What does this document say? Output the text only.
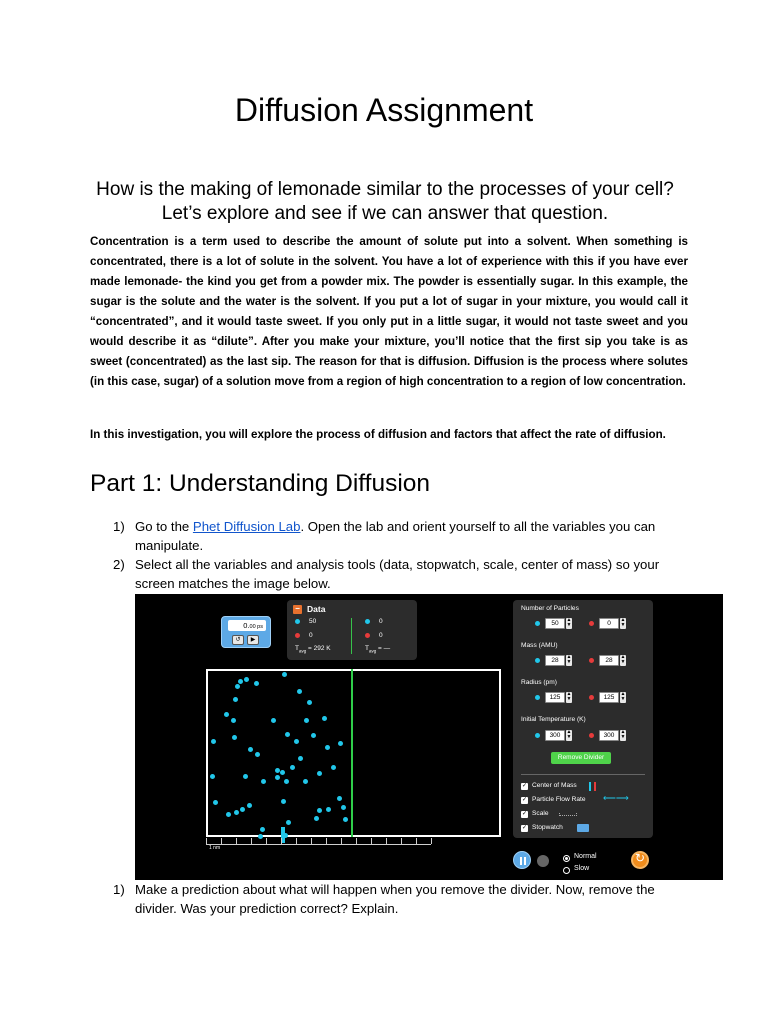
Diffusion Assignment
How is the making of lemonade similar to the processes of your cell? Let’s explore and see if we can answer that question.
Concentration is a term used to describe the amount of solute put into a solvent. When something is concentrated, there is a lot of solute in the solvent. You have a lot of experience with this if you have ever made lemonade- the kind you get from a powder mix. The powder is essentially sugar. In this example, the sugar is the solute and the water is the solvent. If you put a lot of sugar in your mixture, you would call it “concentrated”, and it would taste sweet. If you only put in a little sugar, it would not taste sweet and you would describe it as “dilute”. After you make your mixture, you’ll notice that the first sip you take is as sweet (concentrated) as the last sip. The reason for that is diffusion. Diffusion is the process where solutes (in this case, sugar) of a solution move from a region of high concentration to a region of low concentration.
In this investigation, you will explore the process of diffusion and factors that affect the rate of diffusion.
Part 1: Understanding Diffusion
1) Go to the Phet Diffusion Lab. Open the lab and orient yourself to all the variables you can manipulate.
2) Select all the variables and analysis tools (data, stopwatch, scale, center of mass) so your screen matches the image below.
0.00 ps
↺	▶
− Data
50
0
$T_{avg} = 292$ K
0
0
$T_{avg}$ = —
1 nm
Number of Particles
50	▲
▼	0	▲
▼
Mass (AMU)
28	▲
▼	28	▲
▼
Radius (pm)
125	▲
▼	125	▲
▼
Initial Temperature (K)
300	▲
▼	300	▲
▼
Remove Divider
✓ Center of Mass
✓ Particle Flow Rate ⟵⟶
✓ Scale
✓ Stopwatch
Normal
Slow
↻
1) Make a prediction about what will happen when you remove the divider. Now, remove the divider. Was your prediction correct? Explain.
